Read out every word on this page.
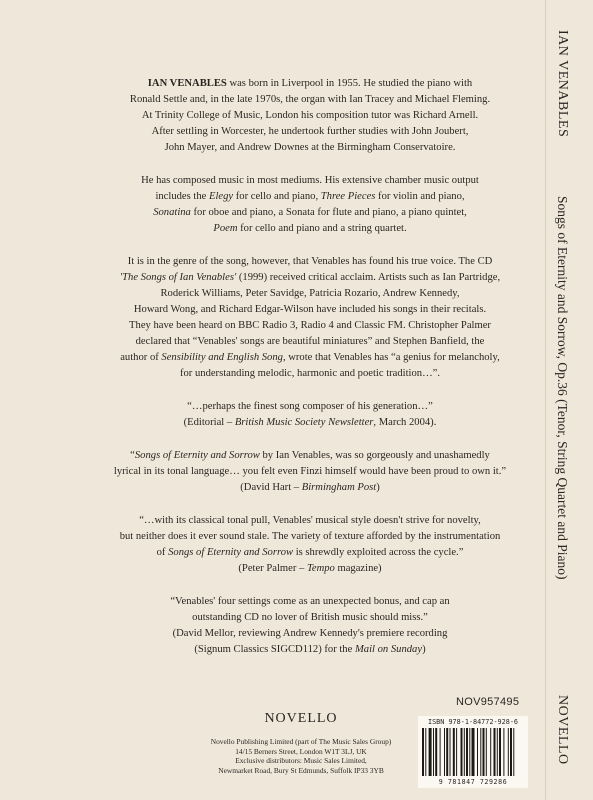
IAN VENABLES was born in Liverpool in 1955. He studied the piano with
Ronald Settle and, in the late 1970s, the organ with Ian Tracey and Michael Fleming.
At Trinity College of Music, London his composition tutor was Richard Arnell.
After settling in Worcester, he undertook further studies with John Joubert,
John Mayer, and Andrew Downes at the Birmingham Conservatoire.

He has composed music in most mediums. His extensive chamber music output
includes the Elegy for cello and piano, Three Pieces for violin and piano,
Sonatina for oboe and piano, a Sonata for flute and piano, a piano quintet,
Poem for cello and piano and a string quartet.

It is in the genre of the song, however, that Venables has found his true voice. The CD
'The Songs of Ian Venables' (1999) received critical acclaim. Artists such as Ian Partridge,
Roderick Williams, Peter Savidge, Patricia Rozario, Andrew Kennedy,
Howard Wong, and Richard Edgar-Wilson have included his songs in their recitals.
They have been heard on BBC Radio 3, Radio 4 and Classic FM. Christopher Palmer
declared that “Venables' songs are beautiful miniatures” and Stephen Banfield, the
author of Sensibility and English Song, wrote that Venables has “a genius for melancholy,
for understanding melodic, harmonic and poetic tradition…”.

“…perhaps the finest song composer of his generation…”
(Editorial – British Music Society Newsletter, March 2004).

“Songs of Eternity and Sorrow by Ian Venables, was so gorgeously and unashamedly
lyrical in its tonal language… you felt even Finzi himself would have been proud to own it.”
(David Hart – Birmingham Post)

“…with its classical tonal pull, Venables' musical style doesn't strive for novelty,
but neither does it ever sound stale. The variety of texture afforded by the instrumentation
of Songs of Eternity and Sorrow is shrewdly exploited across the cycle.”
(Peter Palmer – Tempo magazine)

“Venables' four settings come as an unexpected bonus, and cap an
outstanding CD no lover of British music should miss.”
(David Mellor, reviewing Andrew Kennedy's premiere recording
(Signum Classics SIGCD112) for the Mail on Sunday)

IAN VENABLES
Songs of Eternity and Sorrow, Op.36 (Tenor, String Quartet and Piano)
NOVELLO
NOV957495
NOVELLO
Novello Publishing Limited (part of The Music Sales Group)
14/15 Berners Street, London W1T 3LJ, UK
Exclusive distributors: Music Sales Limited,
Newmarket Road, Bury St Edmunds, Suffolk IP33 3YB
ISBN 978-1-84772-928-6
9 781847 729286
